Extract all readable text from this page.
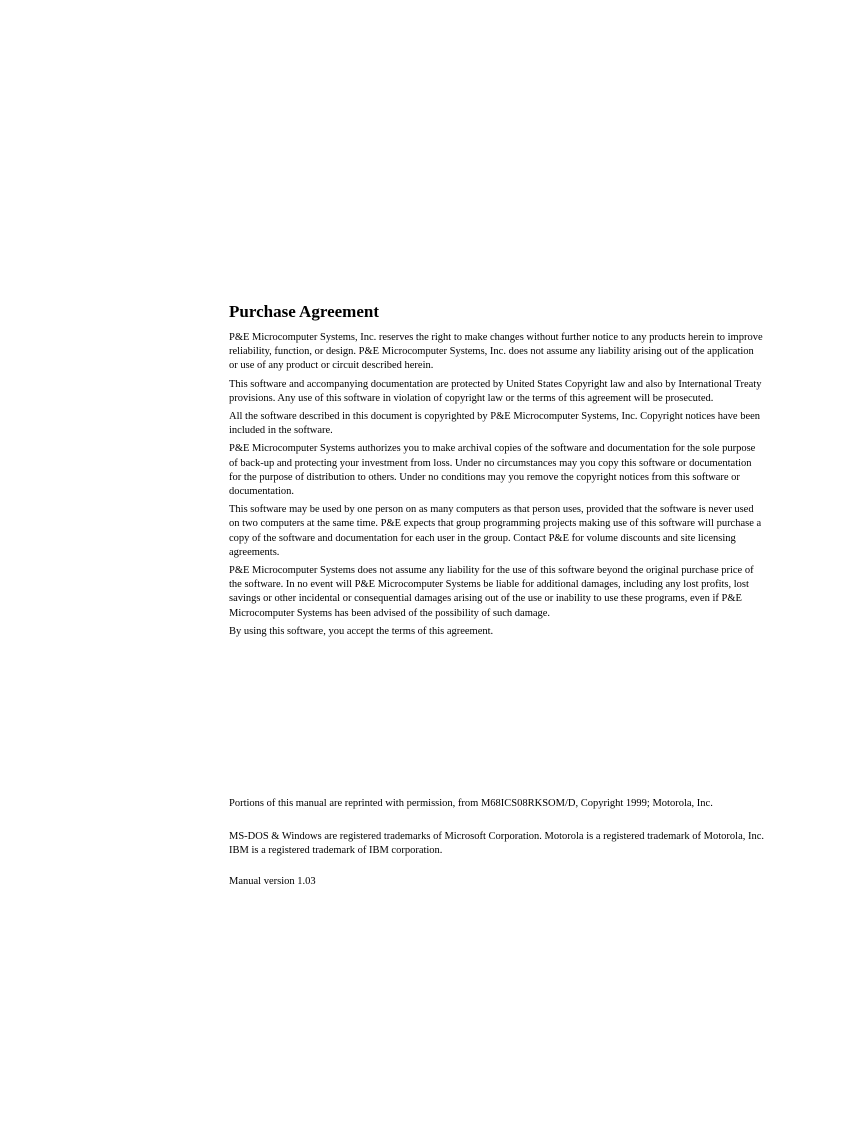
Purchase Agreement

P&E Microcomputer Systems, Inc. reserves the right to make changes without further notice to any products herein to improve reliability, function, or design. P&E Microcomputer Systems, Inc. does not assume any liability arising out of the application or use of any product or circuit described herein.

This software and accompanying documentation are protected by United States Copyright law and also by International Treaty provisions. Any use of this software in violation of copyright law or the terms of this agreement will be prosecuted.

All the software described in this document is copyrighted by P&E Microcomputer Systems, Inc. Copyright notices have been included in the software.

P&E Microcomputer Systems authorizes you to make archival copies of the software and documentation for the sole purpose of back-up and protecting your investment from loss. Under no circumstances may you copy this software or documentation for the purpose of distribution to others. Under no conditions may you remove the copyright notices from this software or documentation.

This software may be used by one person on as many computers as that person uses, provided that the software is never used on two computers at the same time. P&E expects that group programming projects making use of this software will purchase a copy of the software and documentation for each user in the group. Contact P&E for volume discounts and site licensing agreements.

P&E Microcomputer Systems does not assume any liability for the use of this software beyond the original purchase price of the software. In no event will P&E Microcomputer Systems be liable for additional damages, including any lost profits, lost savings or other incidental or consequential damages arising out of the use or inability to use these programs, even if P&E Microcomputer Systems has been advised of the possibility of such damage.

By using this software, you accept the terms of this agreement.

Portions of this manual are reprinted with permission, from M68ICS08RKSOM/D, Copyright 1999; Motorola, Inc.

MS-DOS & Windows are registered trademarks of Microsoft Corporation. Motorola is a registered trademark of Motorola, Inc. IBM is a registered trademark of IBM corporation.

Manual version 1.03
